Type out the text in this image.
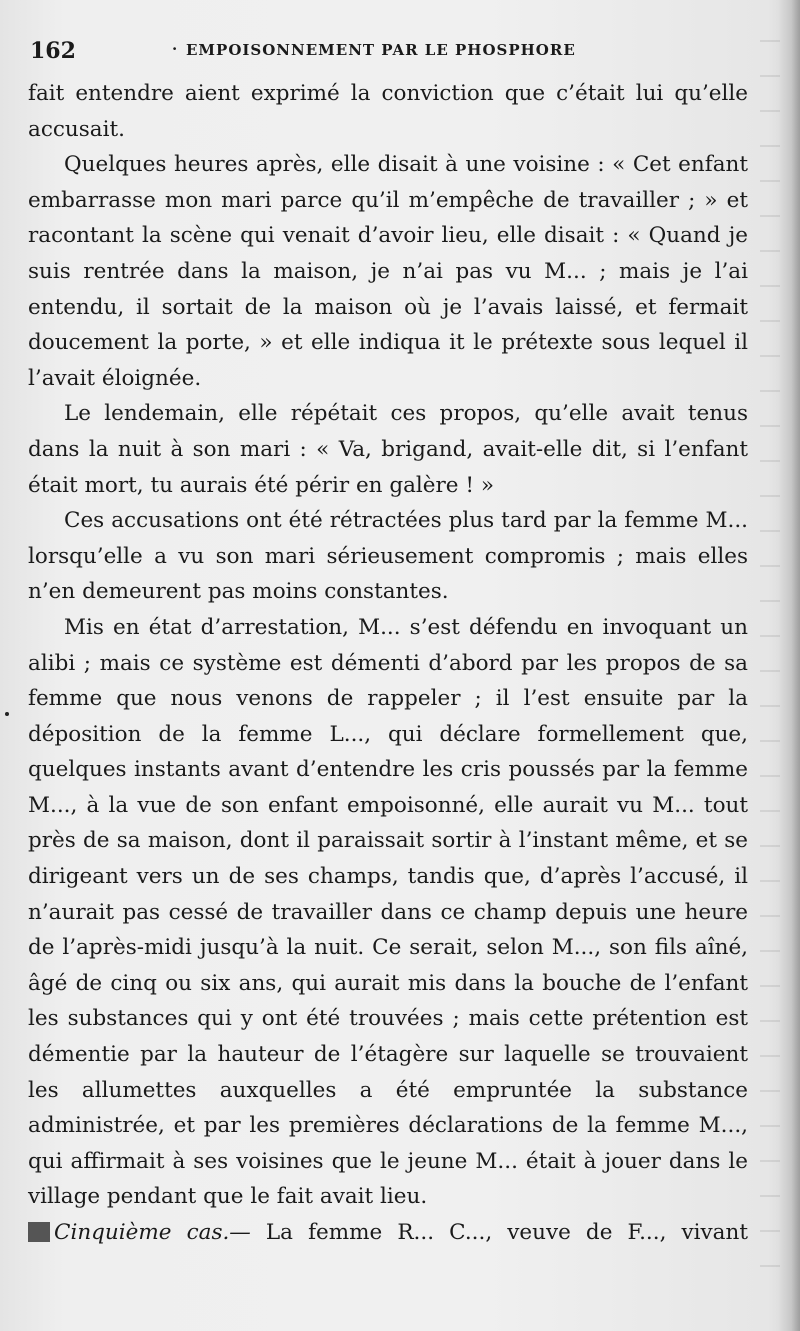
162	· EMPOISONNEMENT PAR LE PHOSPHORE

fait entendre aient exprimé la conviction que c’était lui qu’elle accusait.

Quelques heures après, elle disait à une voisine : « Cet enfant embarrasse mon mari parce qu’il m’empêche de travailler ; » et racontant la scène qui venait d’avoir lieu, elle disait : « Quand je suis rentrée dans la maison, je n’ai pas vu M... ; mais je l’ai entendu, il sortait de la maison où je l’avais laissé, et fermait doucement la porte, » et elle indiqua it le prétexte sous lequel il l’avait éloignée.

Le lendemain, elle répétait ces propos, qu’elle avait tenus dans la nuit à son mari : « Va, brigand, avait-elle dit, si l’enfant était mort, tu aurais été périr en galère ! »

Ces accusations ont été rétractées plus tard par la femme M... lorsqu’elle a vu son mari sérieusement compromis ; mais elles n’en demeurent pas moins constantes.

Mis en état d’arrestation, M... s’est défendu en invoquant un alibi ; mais ce système est démenti d’abord par les propos de sa femme que nous venons de rappeler ; il l’est ensuite par la déposition de la femme L..., qui déclare formellement que, quelques instants avant d’entendre les cris poussés par la femme M..., à la vue de son enfant empoisonné, elle aurait vu M... tout près de sa maison, dont il paraissait sortir à l’instant même, et se dirigeant vers un de ses champs, tandis que, d’après l’accusé, il n’aurait pas cessé de travailler dans ce champ depuis une heure de l’après-midi jusqu’à la nuit. Ce serait, selon M..., son fils aîné, âgé de cinq ou six ans, qui aurait mis dans la bouche de l’enfant les substances qui y ont été trouvées ; mais cette prétention est démentie par la hauteur de l’étagère sur laquelle se trouvaient les allumettes auxquelles a été empruntée la substance administrée, et par les premières déclarations de la femme M..., qui affirmait à ses voisines que le jeune M... était à jouer dans le village pendant que le fait avait lieu.

Cinquième cas.— La femme R... C..., veuve de F..., vivant
